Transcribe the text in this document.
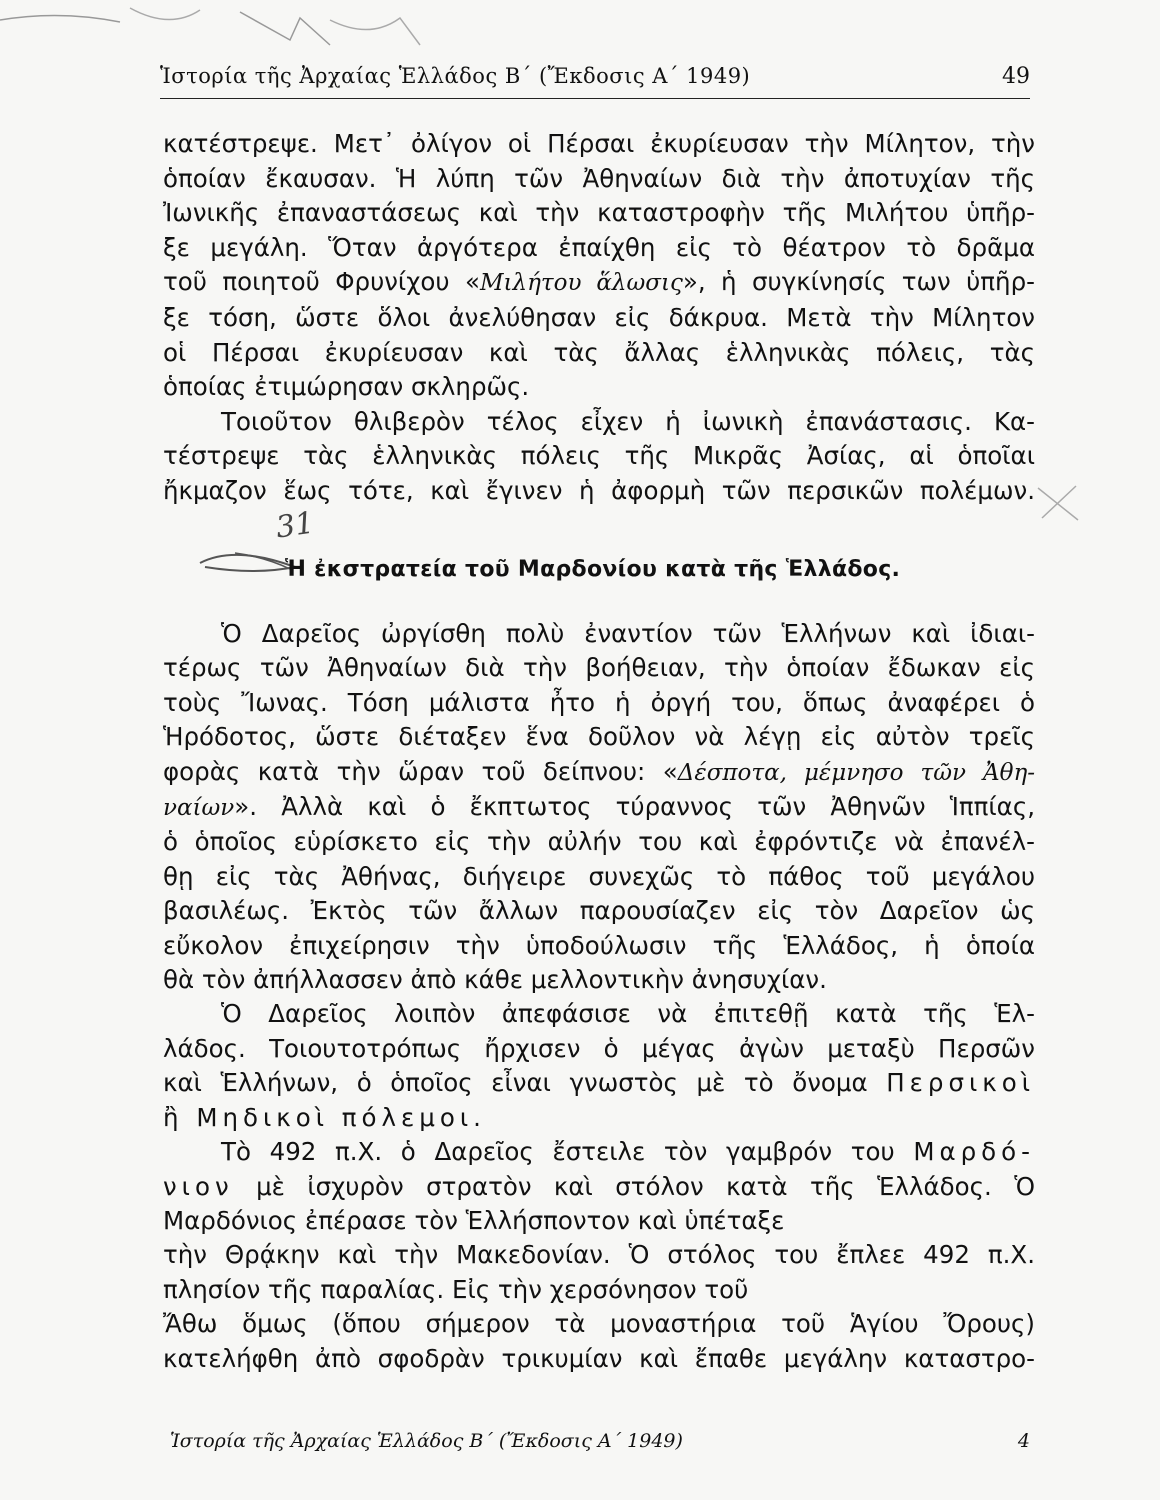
Ἱστορία τῆς Ἀρχαίας Ἑλλάδος Β΄ (Ἔκδοσις Α΄ 1949)	49
κατέστρεψε. Μετ᾽ ὀλίγον οἱ Πέρσαι ἐκυρίευσαν τὴν Μίλητον, τὴν
ὁποίαν ἔκαυσαν. Ἡ λύπη τῶν Ἀθηναίων διὰ τὴν ἀποτυχίαν τῆς
Ἰωνικῆς ἐπαναστάσεως καὶ τὴν καταστροφὴν τῆς Μιλήτου ὑπῆρ-
ξε μεγάλη. Ὅταν ἀργότερα ἐπαίχθη εἰς τὸ θέατρον τὸ δρᾶμα
τοῦ ποιητοῦ Φρυνίχου «Μιλήτου ἅλωσις», ἡ συγκίνησίς των ὑπῆρ-
ξε τόση, ὥστε ὅλοι ἀνελύθησαν εἰς δάκρυα. Μετὰ τὴν Μίλητον
οἱ Πέρσαι ἐκυρίευσαν καὶ τὰς ἄλλας ἑλληνικὰς πόλεις, τὰς
ὁποίας ἐτιμώρησαν σκληρῶς.
Τοιοῦτον θλιβερὸν τέλος εἶχεν ἡ ἰωνικὴ ἐπανάστασις. Κα-
τέστρεψε τὰς ἑλληνικὰς πόλεις τῆς Μικρᾶς Ἀσίας, αἱ ὁποῖαι
ἤκμαζον ἕως τότε, καὶ ἔγινεν ἡ ἀφορμὴ τῶν περσικῶν πολέμων.
31
Ἡ ἐκστρατεία τοῦ Μαρδονίου κατὰ τῆς Ἑλλάδος.
Ὁ Δαρεῖος ὠργίσθη πολὺ ἐναντίον τῶν Ἑλλήνων καὶ ἰδιαι-
τέρως τῶν Ἀθηναίων διὰ τὴν βοήθειαν, τὴν ὁποίαν ἔδωκαν εἰς
τοὺς Ἴωνας. Τόση μάλιστα ἦτο ἡ ὀργή του, ὅπως ἀναφέρει ὁ
Ἡρόδοτος, ὥστε διέταξεν ἕνα δοῦλον νὰ λέγῃ εἰς αὐτὸν τρεῖς
φορὰς κατὰ τὴν ὥραν τοῦ δείπνου: «Δέσποτα, μέμνησο τῶν Ἀθη-
ναίων». Ἀλλὰ καὶ ὁ ἔκπτωτος τύραννος τῶν Ἀθηνῶν Ἱππίας,
ὁ ὁποῖος εὑρίσκετο εἰς τὴν αὐλήν του καὶ ἐφρόντιζε νὰ ἐπανέλ-
θῃ εἰς τὰς Ἀθήνας, διήγειρε συνεχῶς τὸ πάθος τοῦ μεγάλου
βασιλέως. Ἐκτὸς τῶν ἄλλων παρουσίαζεν εἰς τὸν Δαρεῖον ὡς
εὔκολον ἐπιχείρησιν τὴν ὑποδούλωσιν τῆς Ἑλλάδος, ἡ ὁποία
θὰ τὸν ἀπήλλασσεν ἀπὸ κάθε μελλοντικὴν ἀνησυχίαν.
Ὁ Δαρεῖος λοιπὸν ἀπεφάσισε νὰ ἐπιτεθῇ κατὰ τῆς Ἑλ-
λάδος. Τοιουτοτρόπως ἤρχισεν ὁ μέγας ἀγὼν μεταξὺ Περσῶν
καὶ Ἑλλήνων, ὁ ὁποῖος εἶναι γνωστὸς μὲ τὸ ὄνομα Περσικοὶ
ἢ Μηδικοὶ πόλεμοι.
Τὸ 492 π.Χ. ὁ Δαρεῖος ἔστειλε τὸν γαμβρόν του Μαρδό-
νιον μὲ ἰσχυρὸν στρατὸν καὶ στόλον κατὰ τῆς Ἑλλάδος. Ὁ
Μαρδόνιος ἐπέρασε τὸν Ἑλλήσποντον καὶ ὑπέταξε
τὴν Θρᾴκην καὶ τὴν Μακεδονίαν. Ὁ στόλος του ἔπλεε 492 π.Χ.
πλησίον τῆς παραλίας. Εἰς τὴν χερσόνησον τοῦ
Ἄθω ὅμως (ὅπου σήμερον τὰ μοναστήρια τοῦ Ἁγίου Ὄρους)
κατελήφθη ἀπὸ σφοδρὰν τρικυμίαν καὶ ἔπαθε μεγάλην καταστρο-
Ἱστορία τῆς Ἀρχαίας Ἑλλάδος Β΄ (Ἔκδοσις Α΄ 1949)	4
